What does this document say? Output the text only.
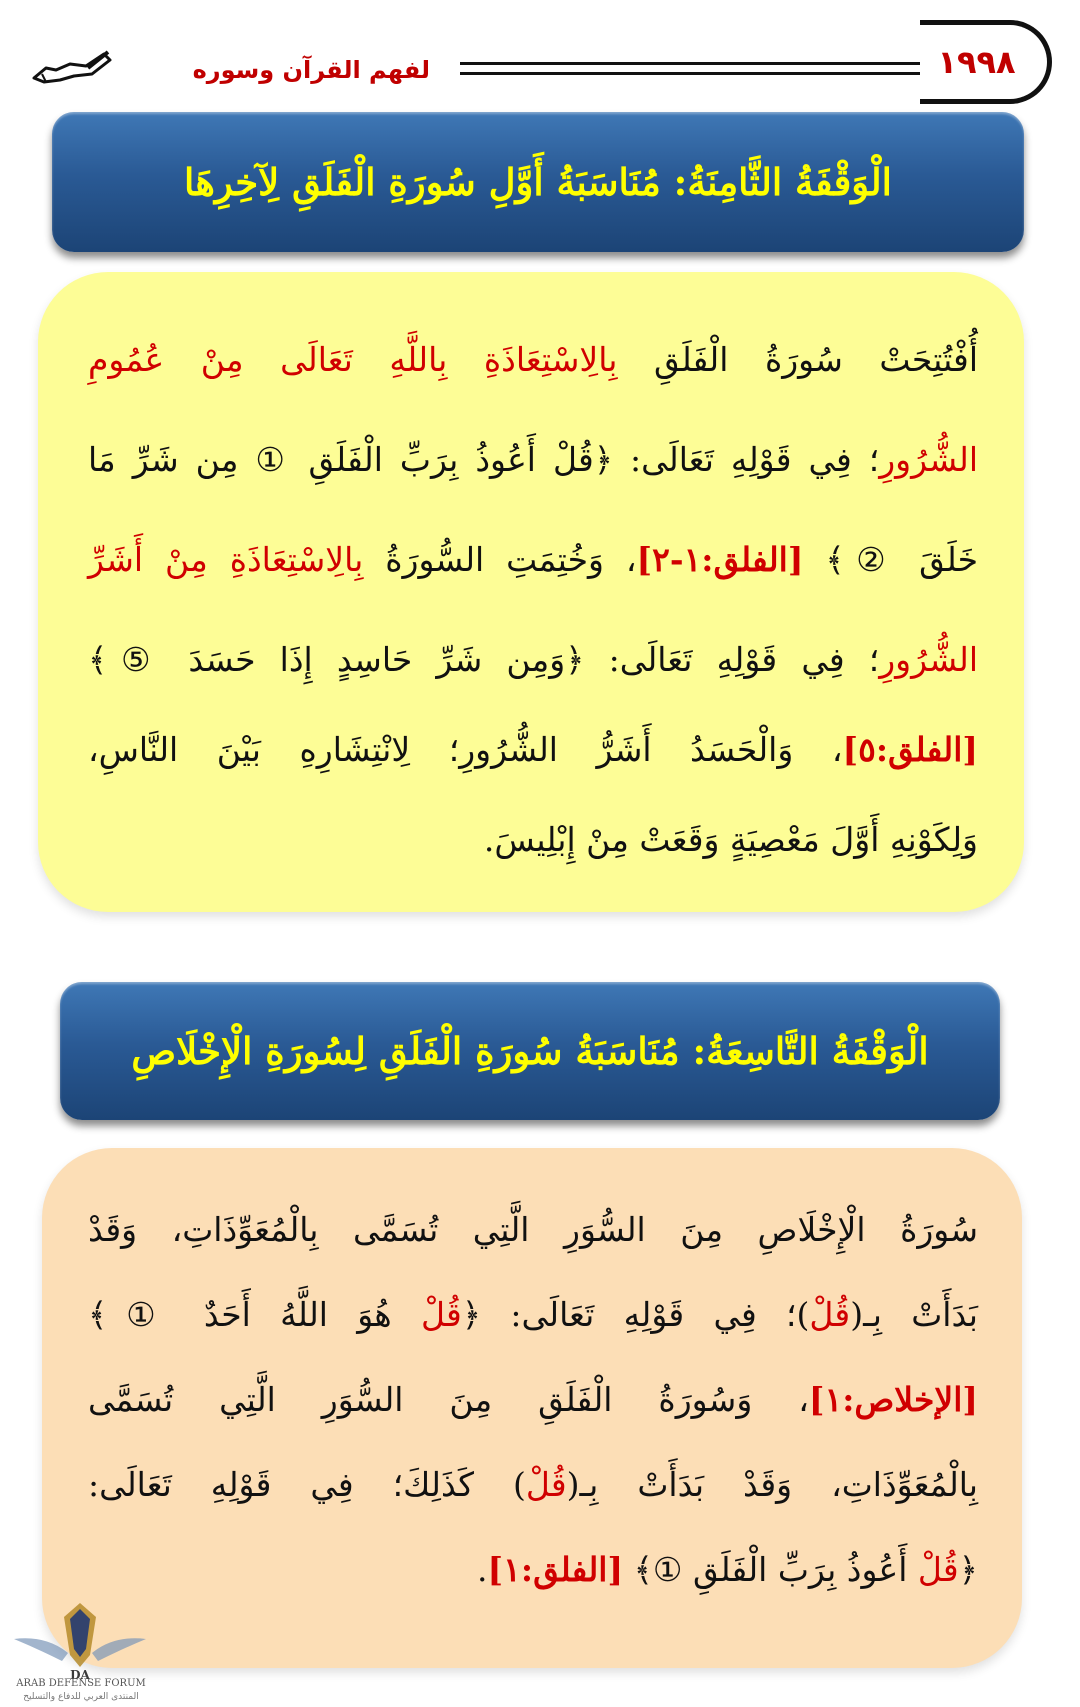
١٩٩٨
لفهم القرآن وسوره
الْوَقْفَةُ الثَّامِنَةُ: مُنَاسَبَةُ أَوَّلِ سُورَةِ الْفَلَقِ لِآخِرِهَا
أُفْتُتِحَتْ سُورَةُ الْفَلَقِ بِالِاسْتِعَاذَةِ بِاللَّهِ تَعَالَى مِنْ عُمُومِ
الشُّرُورِ؛ فِي قَوْلِهِ تَعَالَى: ﴿قُلْ أَعُوذُ بِرَبِّ الْفَلَقِ ① مِن شَرِّ مَا
خَلَقَ ②﴾ [الفلق:١-٢]، وَخُتِمَتِ السُّورَةُ بِالِاسْتِعَاذَةِ مِنْ أَشَرِّ
الشُّرُورِ؛ فِي قَوْلِهِ تَعَالَى: ﴿وَمِن شَرِّ حَاسِدٍ إِذَا حَسَدَ ⑤﴾
[الفلق:٥]، وَالْحَسَدُ أَشَرُّ الشُّرُورِ؛ لِانْتِشَارِهِ بَيْنَ النَّاسِ،
وَلِكَوْنِهِ أَوَّلَ مَعْصِيَةٍ وَقَعَتْ مِنْ إِبْلِيسَ.
الْوَقْفَةُ التَّاسِعَةُ: مُنَاسَبَةُ سُورَةِ الْفَلَقِ لِسُورَةِ الْإِخْلَاصِ
سُورَةُ الْإِخْلَاصِ مِنَ السُّوَرِ الَّتِي تُسَمَّى بِالْمُعَوِّذَاتِ، وَقَدْ
بَدَأَتْ بِـ(قُلْ)؛ فِي قَوْلِهِ تَعَالَى: ﴿قُلْ هُوَ اللَّهُ أَحَدٌ ①﴾
[الإخلاص:١]، وَسُورَةُ الْفَلَقِ مِنَ السُّوَرِ الَّتِي تُسَمَّى
بِالْمُعَوِّذَاتِ، وَقَدْ بَدَأَتْ بِـ(قُلْ) كَذَلِكَ؛ فِي قَوْلِهِ تَعَالَى:
﴿قُلْ أَعُوذُ بِرَبِّ الْفَلَقِ ①﴾ [الفلق:١].
DA
ARAB DEFENSE FORUM
المنتدى العربي للدفاع والتسليح
